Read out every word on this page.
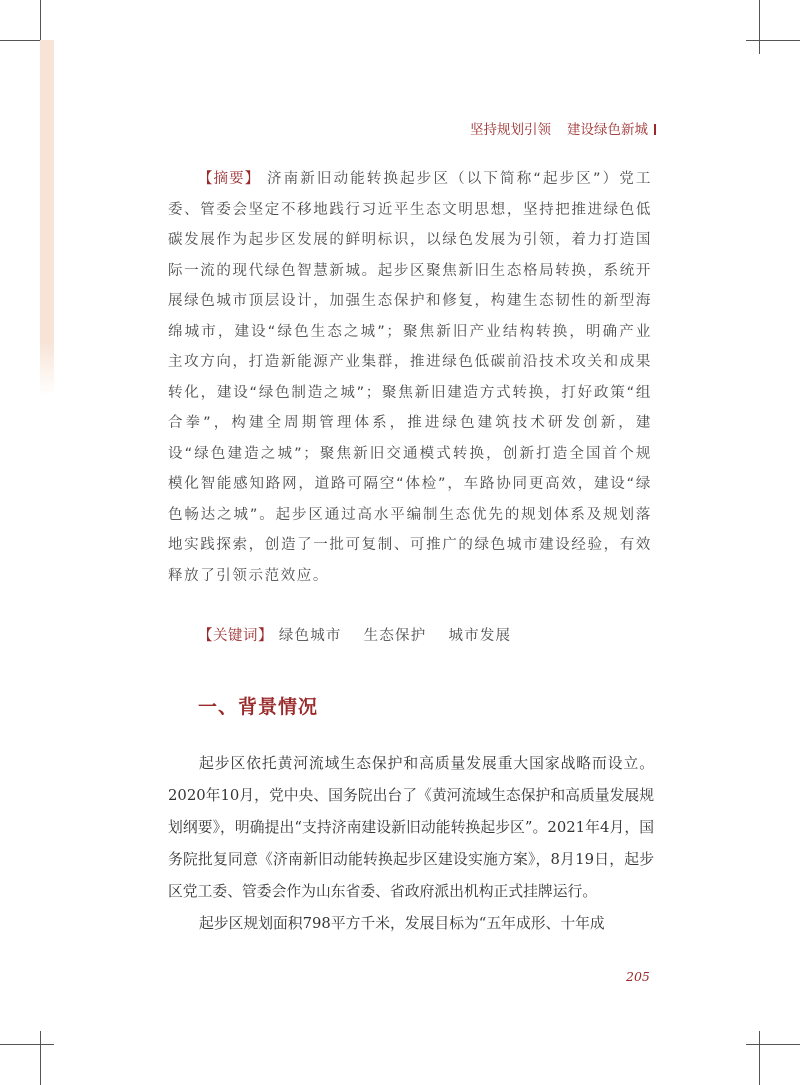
坚持规划引领 建设绿色新城

【摘要】 济南新旧动能转换起步区（以下简称“起步区”）党工委、管委会坚定不移地践行习近平生态文明思想，坚持把推进绿色低碳发展作为起步区发展的鲜明标识，以绿色发展为引领，着力打造国际一流的现代绿色智慧新城。起步区聚焦新旧生态格局转换，系统开展绿色城市顶层设计，加强生态保护和修复，构建生态韧性的新型海绵城市，建设“绿色生态之城”；聚焦新旧产业结构转换，明确产业主攻方向，打造新能源产业集群，推进绿色低碳前沿技术攻关和成果转化，建设“绿色制造之城”；聚焦新旧建造方式转换，打好政策“组合拳”，构建全周期管理体系，推进绿色建筑技术研发创新，建设“绿色建造之城”；聚焦新旧交通模式转换，创新打造全国首个规模化智能感知路网，道路可隔空“体检”，车路协同更高效，建设“绿色畅达之城”。起步区通过高水平编制生态优先的规划体系及规划落地实践探索，创造了一批可复制、可推广的绿色城市建设经验，有效释放了引领示范效应。

【关键词】 绿色城市 生态保护 城市发展
一、背景情况

起步区依托黄河流域生态保护和高质量发展重大国家战略而设立。2020年10月，党中央、国务院出台了《黄河流域生态保护和高质量发展规划纲要》，明确提出“支持济南建设新旧动能转换起步区”。2021年4月，国务院批复同意《济南新旧动能转换起步区建设实施方案》，8月19日，起步区党工委、管委会作为山东省委、省政府派出机构正式挂牌运行。

起步区规划面积798平方千米，发展目标为“五年成形、十年成

205
